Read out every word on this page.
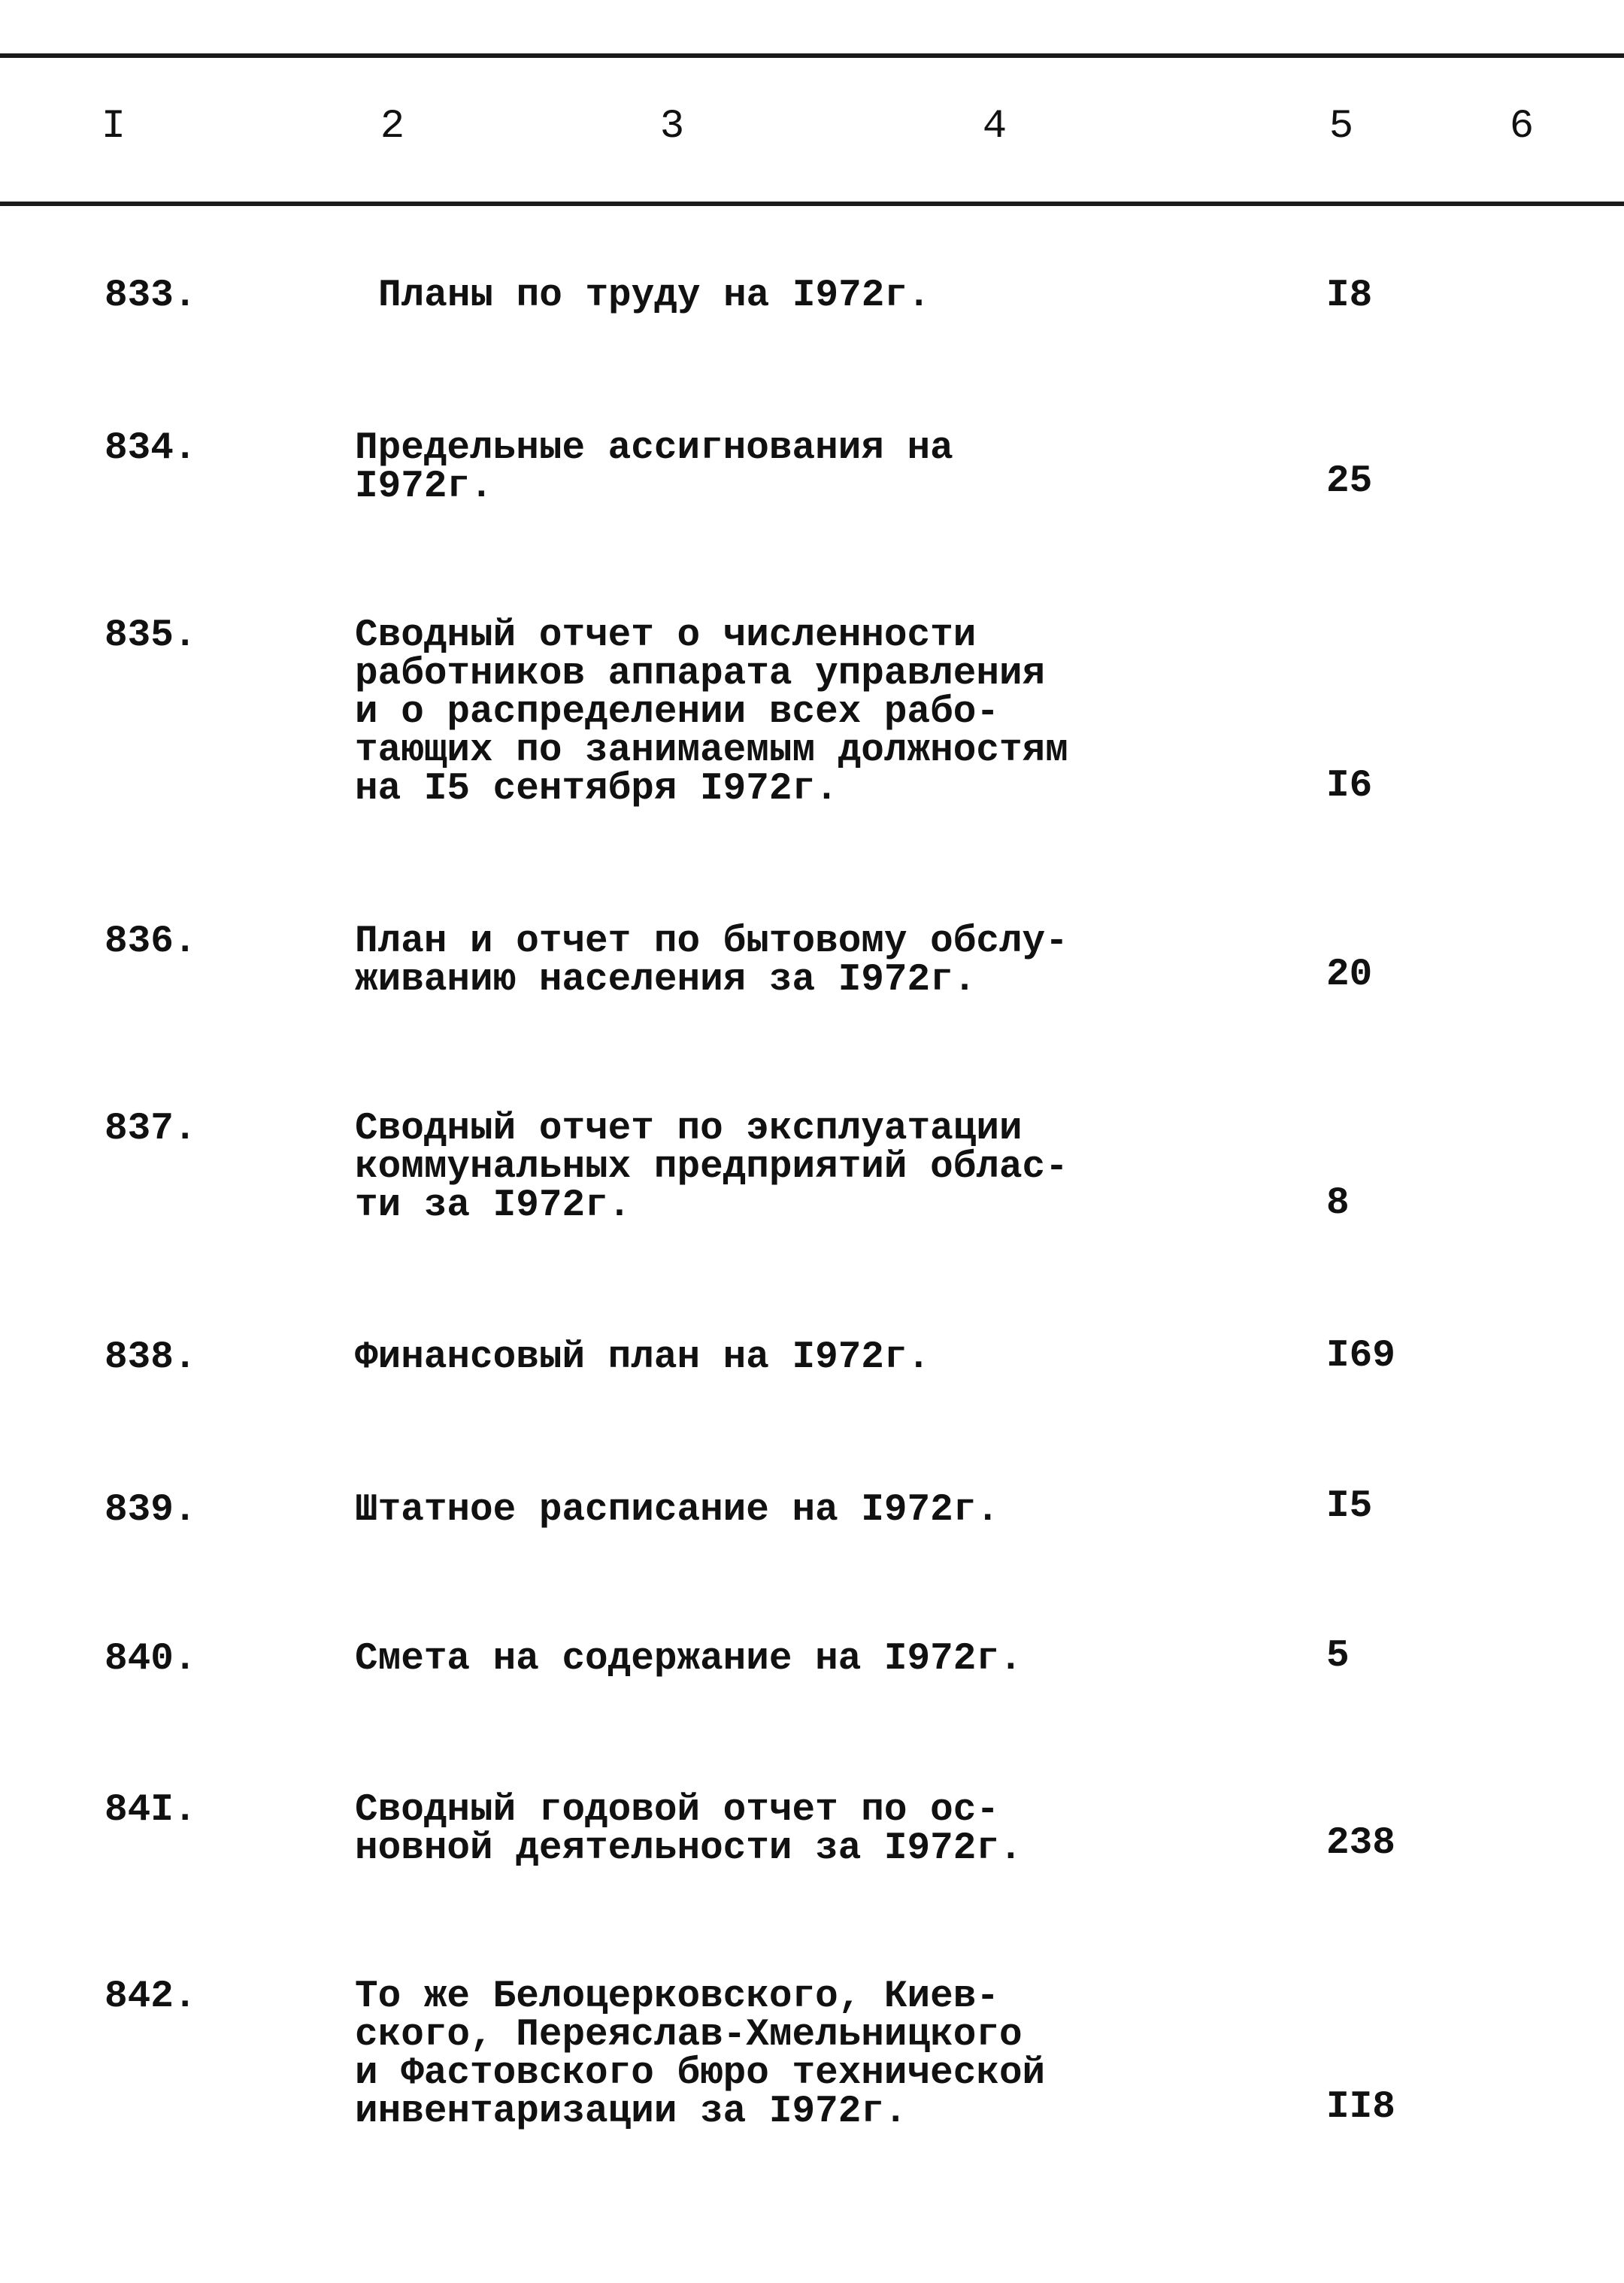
I	2	3	4	5	6
833.	Планы по труду на I972г.	I8
834.	Предельные ассигнования на
I972г.	25
835.	Сводный отчет о численности
работников аппарата управления
и о распределении всех рабо-
тающих по занимаемым должностям
на I5 сентября I972г.	I6
836.	План и отчет по бытовому обслу-
живанию населения за I972г.	20
837.	Сводный отчет по эксплуатации
коммунальных предприятий облас-
ти за I972г.	8
838.	Финансовый план на I972г.	I69
839.	Штатное расписание на I972г.	I5
840.	Смета на содержание на I972г.	5
84I.	Сводный годовой отчет по ос-
новной деятельности за I972г.	238
842.	То же Белоцерковского, Киев-
ского, Переяслав-Хмельницкого
и Фастовского бюро технической
инвентаризации за I972г.	II8
